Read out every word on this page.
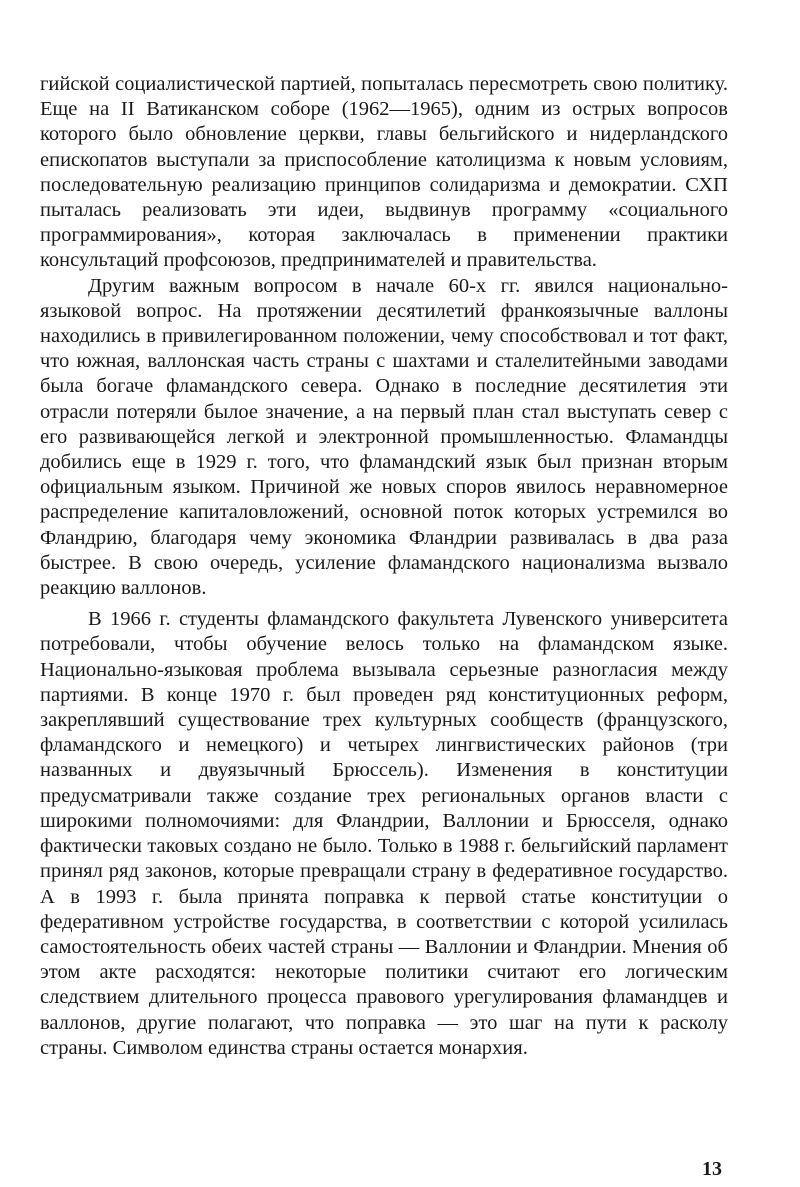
гийской социалистической партией, попыталась пересмотреть свою политику. Еще на II Ватиканском соборе (1962—1965), одним из острых вопросов которого было обновление церкви, главы бельгийского и нидерландского епископатов выступали за приспособление католицизма к новым условиям, последовательную реализацию принципов солидаризма и демократии. СХП пыталась реализовать эти идеи, выдвинув программу «социального программирования», которая заключалась в применении практики консультаций профсоюзов, предпринимателей и правительства.

Другим важным вопросом в начале 60-х гг. явился национально-языковой вопрос. На протяжении десятилетий франкоязычные валлоны находились в привилегированном положении, чему способствовал и тот факт, что южная, валлонская часть страны с шахтами и сталелитейными заводами была богаче фламандского севера. Однако в последние десятилетия эти отрасли потеряли былое значение, а на первый план стал выступать север с его развивающейся легкой и электронной промышленностью. Фламандцы добились еще в 1929 г. того, что фламандский язык был признан вторым официальным языком. Причиной же новых споров явилось неравномерное распределение капиталовложений, основной поток которых устремился во Фландрию, благодаря чему экономика Фландрии развивалась в два раза быстрее. В свою очередь, усиление фламандского национализма вызвало реакцию валлонов.

В 1966 г. студенты фламандского факультета Лувенского университета потребовали, чтобы обучение велось только на фламандском языке. Национально-языковая проблема вызывала серьезные разногласия между партиями. В конце 1970 г. был проведен ряд конституционных реформ, закреплявший существование трех культурных сообществ (французского, фламандского и немецкого) и четырех лингвистических районов (три названных и двуязычный Брюссель). Изменения в конституции предусматривали также создание трех региональных органов власти с широкими полномочиями: для Фландрии, Валлонии и Брюсселя, однако фактически таковых создано не было. Только в 1988 г. бельгийский парламент принял ряд законов, которые превращали страну в федеративное государство. А в 1993 г. была принята поправка к первой статье конституции о федеративном устройстве государства, в соответствии с которой усилилась самостоятельность обеих частей страны — Валлонии и Фландрии. Мнения об этом акте расходятся: некоторые политики считают его логическим следствием длительного процесса правового урегулирования фламандцев и валлонов, другие полагают, что поправка — это шаг на пути к расколу страны. Символом единства страны остается монархия.

13
